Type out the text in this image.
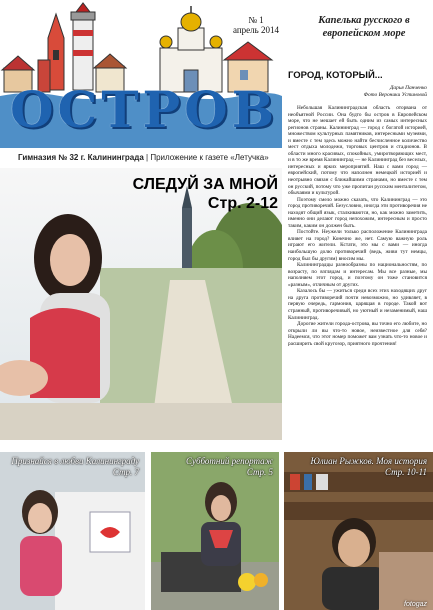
ОСТРОВ
№ 1
апрель 2014
Капелька русского в европейском море
Гимназия № 32 г. Калининграда | Приложение к газете «Летучка»
СЛЕДУЙ ЗА МНОЙ
Стр. 2-12
ГОРОД, КОТОРЫЙ...
Дарья Панченко
Фото Вероники Устиновой

Небольшая Калининградская область оторвана от необъятной России. Она будто бы остров в Европейском море, что не мешает ей быть одним из самых интересных регионов страны. Калининград — город с богатой историей, множеством культурных памятников, интересными музеями, и вместе с тем здесь можно найти бесчисленное количество мест отдыха молодежи, торговых центров и стадионов. В области много красивых, спокойных, умиротворяющих мест, и в то же время Калининград — не Калининград без веселых, интересных и ярких мероприятий. Наш с вами город — европейский, потому что наполнен немецкой историей и неотрывно связан с ближайшими странами, но вместе с тем он русский, потому что уже пропитан русским менталитетом, обычаями и культурой.

Поэтому смело можно сказать, что Калининград — это город противоречий. Безусловно, иногда эти противоречия не находят общий язык, сталкиваются, но, как можно заметить, именно они делают город непохожим, интересным и просто таким, каким он должен быть.

Постойте. Неужели только расположение Калининграда влияет на город? Конечно же, нет. Самую важную роль играют его жители. Кстати, это мы с вами — иногда наибольшую долю противоречий (ведь, живи тут немцы, город был бы другим) вносим мы.

Калининградцы разнообразны по национальностям, по возрасту, по взглядам и интересам. Мы все разные, мы наполняем этот город, и поэтому он тоже становится «разным», отличным от других.

Казалось бы — ужиться среди всех этих находящих друг на друга противоречий почти невозможно, но удивляет, в первую очередь, гармония, царящая в городе. Такой вот странный, противоречивый, но уютный и незаменимый, наш Калининград.

Дорогие жители города-острова, вы точно его любите, но открыли ли вы что-то новое, неизвестное для себя? Надеемся, что этот номер поможет вам узнать что-то новое и расширить свой кругозор, приятного прочтения!

Признайся в любви Калининграду
Стр. 7
Субботний репортаж
Стр. 5
Юлиан Рыжков. Моя история
Стр. 10-11
fotogaz
